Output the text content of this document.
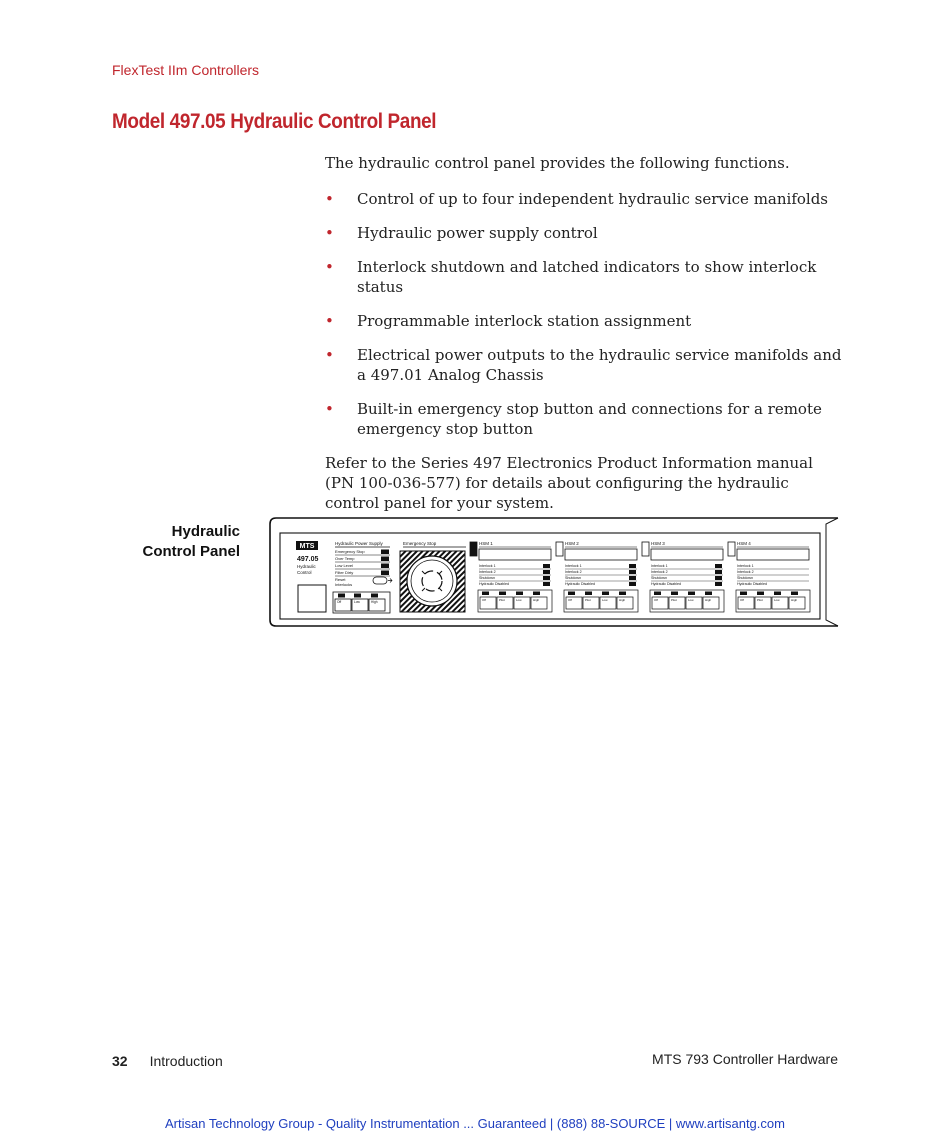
FlexTest IIm Controllers
Model 497.05 Hydraulic Control Panel

The hydraulic control panel provides the following functions.

• Control of up to four independent hydraulic service manifolds
• Hydraulic power supply control
• Interlock shutdown and latched indicators to show interlock status
• Programmable interlock station assignment
• Electrical power outputs to the hydraulic service manifolds and a 497.01 Analog Chassis
• Built-in emergency stop button and connections for a remote emergency stop button

Refer to the Series 497 Electronics Product Information manual (PN 100-036-577) for details about configuring the hydraulic control panel for your system.

Hydraulic
Control Panel	MTS
497.05
Hydraulic
Control
Hydraulic Power Supply
Emergency Stop
Over Temp
Low Level
Filter Dirty
Reset
Interlocks
Off	Low	High
Emergency Stop	HSM 1
Interlock 1
Interlock 2
Shutdown
Hydraulic Disabled
Off	Pilot	Low	High
HSM 2
Interlock 1
Interlock 2
Shutdown
Hydraulic Disabled
Off	Pilot	Low	High
HSM 3
Interlock 1
Interlock 2
Shutdown
Hydraulic Disabled
Off	Pilot	Low	High
HSM 4
Interlock 1
Interlock 2
Shutdown
Hydraulic Disabled
Off	Pilot	Low	High
32 Introduction	MTS 793 Controller Hardware
Artisan Technology Group - Quality Instrumentation ... Guaranteed | (888) 88-SOURCE | www.artisantg.com
